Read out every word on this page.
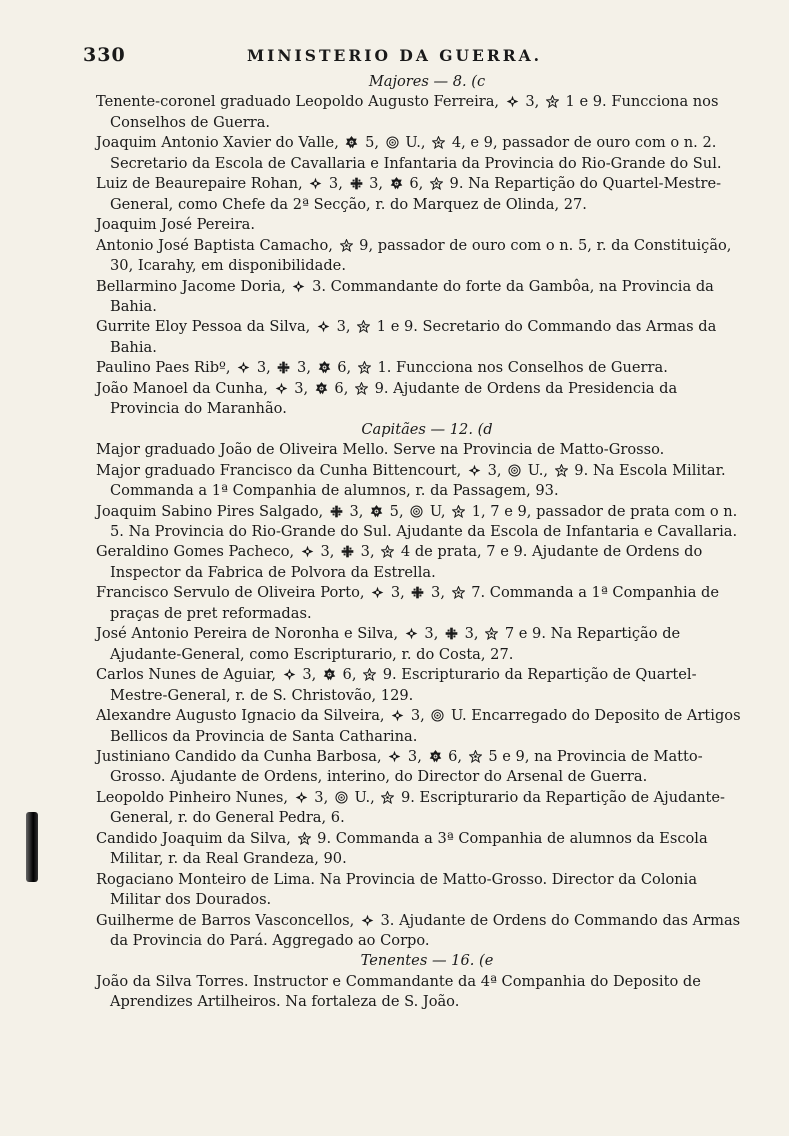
330	MINISTERIO DA GUERRA.
Majores — 8. (c
Tenente-coronel graduado Leopoldo Augusto Ferreira,
3,
1 e 9. Funcciona nos Conselhos de Guerra.
Joaquim Antonio Xavier do Valle,
5,
U.,
4, e 9, passador de ouro com o n. 2. Secretario da Escola de Cavallaria e Infantaria da Provincia do Rio-Grande do Sul.
Luiz de Beaurepaire Rohan,
3,
3,
6,
9. Na Repartição do Quartel-Mestre-General, como Chefe da 2ª Secção, r. do Marquez de Olinda, 27.
Joaquim José Pereira.
Antonio José Baptista Camacho,
9, passador de ouro com o n. 5, r. da Constituição, 30, Icarahy, em disponibilidade.
Bellarmino Jacome Doria,
3. Commandante do forte da Gambôa, na Provincia da Bahia.
Gurrite Eloy Pessoa da Silva,
3,
1 e 9. Secretario do Commando das Armas da Bahia.
Paulino Paes Ribº,
3,
3,
6,
1. Funcciona nos Conselhos de Guerra.
João Manoel da Cunha,
3,
6,
9. Ajudante de Ordens da Presidencia da Provincia do Maranhão.
Capitães — 12. (d
Major graduado João de Oliveira Mello. Serve na Provincia de Matto-Grosso.
Major graduado Francisco da Cunha Bittencourt,
3,
U.,
9. Na Escola Militar. Commanda a 1ª Companhia de alumnos, r. da Passagem, 93.
Joaquim Sabino Pires Salgado,
3,
5,
U,
1, 7 e 9, passador de prata com o n. 5. Na Provincia do Rio-Grande do Sul. Ajudante da Escola de Infantaria e Cavallaria.
Geraldino Gomes Pacheco,
3,
3,
4 de prata, 7 e 9. Ajudante de Ordens do Inspector da Fabrica de Polvora da Estrella.
Francisco Servulo de Oliveira Porto,
3,
3,
7. Commanda a 1ª Companhia de praças de pret reformadas.
José Antonio Pereira de Noronha e Silva,
3,
3,
7 e 9. Na Repartição de Ajudante-General, como Escripturario, r. do Costa, 27.
Carlos Nunes de Aguiar,
3,
6,
9. Escripturario da Repartição de Quartel-Mestre-General, r. de S. Christovão, 129.
Alexandre Augusto Ignacio da Silveira,
3,
U. Encarregado do Deposito de Artigos Bellicos da Provincia de Santa Catharina.
Justiniano Candido da Cunha Barbosa,
3,
6,
5 e 9, na Provincia de Matto-Grosso. Ajudante de Ordens, interino, do Director do Arsenal de Guerra.
Leopoldo Pinheiro Nunes,
3,
U.,
9. Escripturario da Repartição de Ajudante-General, r. do General Pedra, 6.
Candido Joaquim da Silva,
9. Commanda a 3ª Companhia de alumnos da Escola Militar, r. da Real Grandeza, 90.
Rogaciano Monteiro de Lima. Na Provincia de Matto-Grosso. Director da Colonia Militar dos Dourados.
Guilherme de Barros Vasconcellos,
3. Ajudante de Ordens do Commando das Armas da Provincia do Pará. Aggregado ao Corpo.
Tenentes — 16. (e
João da Silva Torres. Instructor e Commandante da 4ª Companhia do Deposito de Aprendizes Artilheiros. Na fortaleza de S. João.
